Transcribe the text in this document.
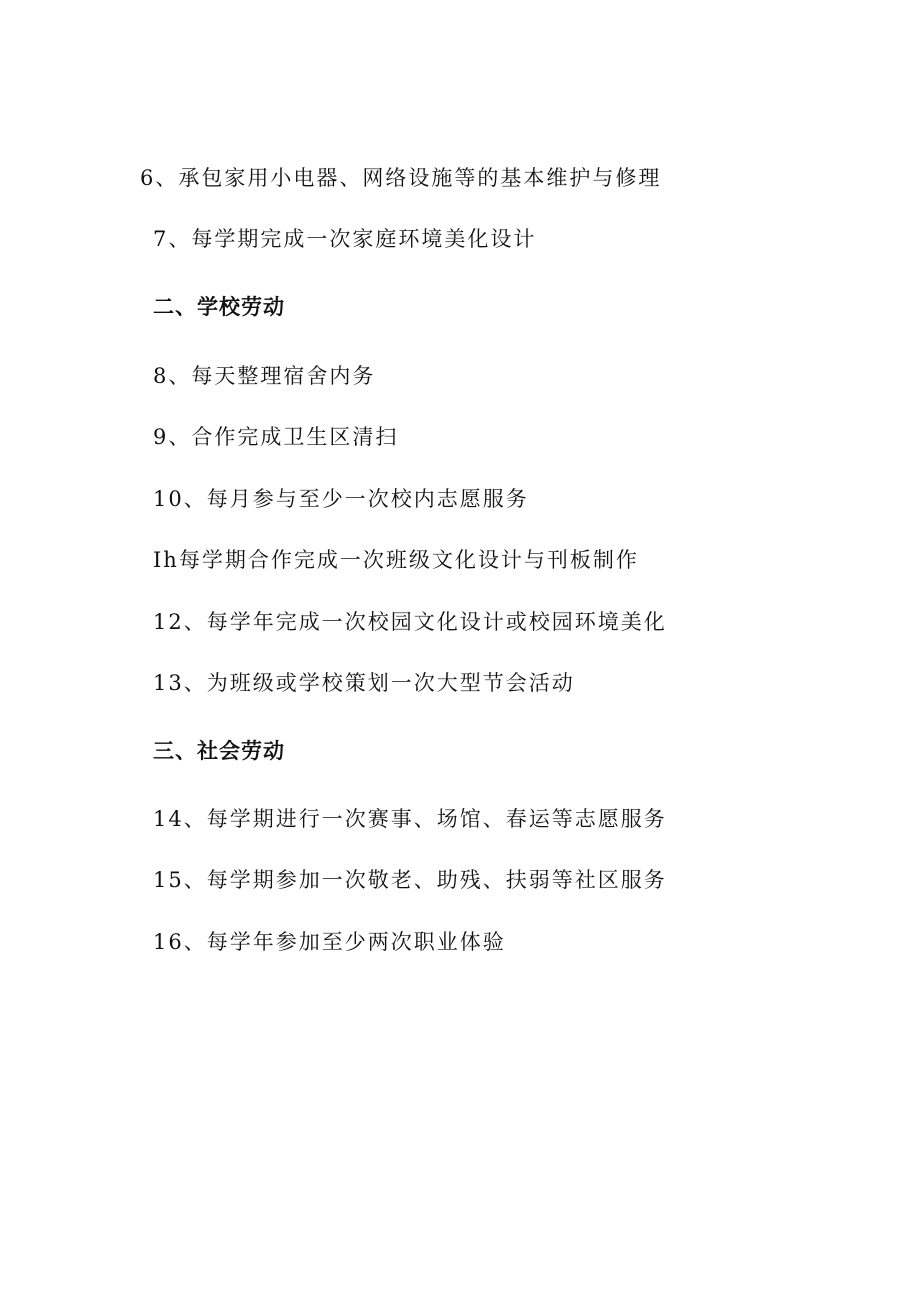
6、承包家用小电器、网络设施等的基本维护与修理
7、每学期完成一次家庭环境美化设计
二、学校劳动
8、每天整理宿舍内务
9、合作完成卫生区清扫
10、每月参与至少一次校内志愿服务
Ih每学期合作完成一次班级文化设计与刊板制作
12、每学年完成一次校园文化设计或校园环境美化
13、为班级或学校策划一次大型节会活动
三、社会劳动
14、每学期进行一次赛事、场馆、春运等志愿服务
15、每学期参加一次敬老、助残、扶弱等社区服务
16、每学年参加至少两次职业体验
